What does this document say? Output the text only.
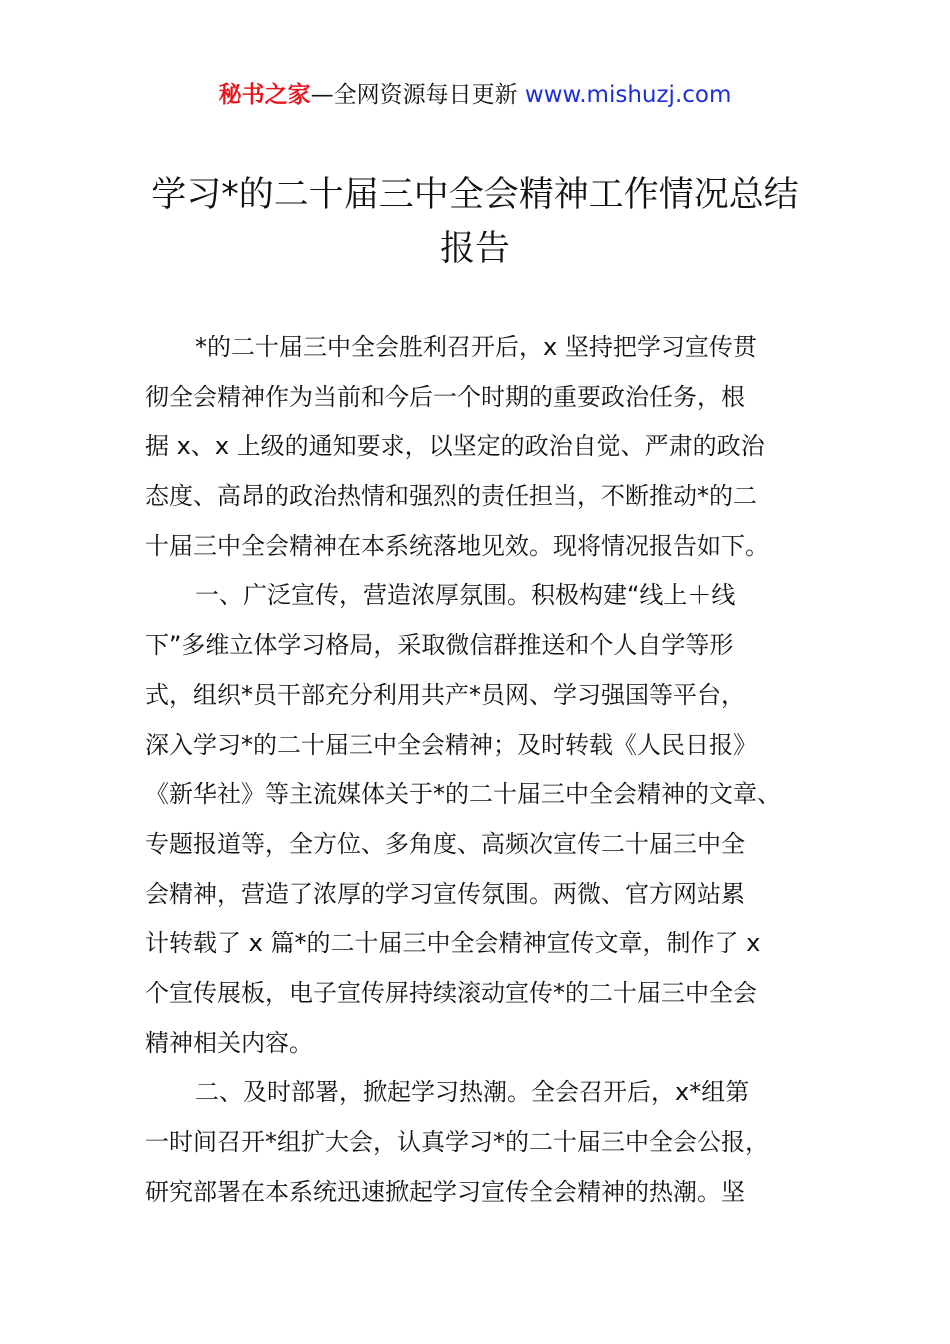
秘书之家—全网资源每日更新 www.mishuzj.com
学习*的二十届三中全会精神工作情况总结
报告
*的二十届三中全会胜利召开后，x 坚持把学习宣传贯
彻全会精神作为当前和今后一个时期的重要政治任务，根
据 x、x 上级的通知要求，以坚定的政治自觉、严肃的政治
态度、高昂的政治热情和强烈的责任担当，不断推动*的二
十届三中全会精神在本系统落地见效。现将情况报告如下。
一、广泛宣传，营造浓厚氛围。积极构建“线上＋线
下”多维立体学习格局，采取微信群推送和个人自学等形
式，组织*员干部充分利用共产*员网、学习强国等平台，
深入学习*的二十届三中全会精神；及时转载《人民日报》
《新华社》等主流媒体关于*的二十届三中全会精神的文章、
专题报道等，全方位、多角度、高频次宣传二十届三中全
会精神，营造了浓厚的学习宣传氛围。两微、官方网站累
计转载了 x 篇*的二十届三中全会精神宣传文章，制作了 x
个宣传展板，电子宣传屏持续滚动宣传*的二十届三中全会
精神相关内容。
二、及时部署，掀起学习热潮。全会召开后，x*组第
一时间召开*组扩大会，认真学习*的二十届三中全会公报，
研究部署在本系统迅速掀起学习宣传全会精神的热潮。坚
